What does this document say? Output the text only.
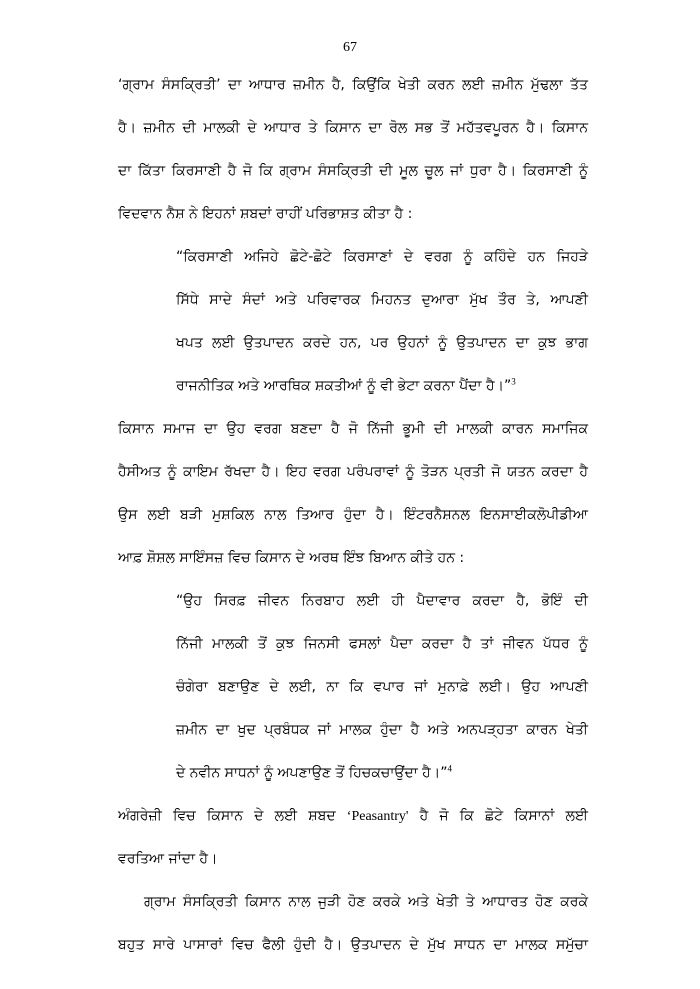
67
‘ਗ੍ਰਾਮ ਸੰਸਕ੍ਰਿਤੀ’ ਦਾ ਆਧਾਰ ਜ਼ਮੀਨ ਹੈ, ਕਿਉਂਕਿ ਖੇਤੀ ਕਰਨ ਲਈ ਜ਼ਮੀਨ ਮੁੱਢਲਾ ਤੱਤ
ਹੈ। ਜ਼ਮੀਨ ਦੀ ਮਾਲਕੀ ਦੇ ਆਧਾਰ ਤੇ ਕਿਸਾਨ ਦਾ ਰੋਲ ਸਭ ਤੋਂ ਮਹੱਤਵਪੂਰਨ ਹੈ। ਕਿਸਾਨ
ਦਾ ਕਿੱਤਾ ਕਿਰਸਾਣੀ ਹੈ ਜੋ ਕਿ ਗ੍ਰਾਮ ਸੰਸਕ੍ਰਿਤੀ ਦੀ ਮੂਲ ਚੂਲ ਜਾਂ ਧੁਰਾ ਹੈ। ਕਿਰਸਾਣੀ ਨੂੰ
ਵਿਦਵਾਨ ਨੈਸ਼ ਨੇ ਇਹਨਾਂ ਸ਼ਬਦਾਂ ਰਾਹੀਂ ਪਰਿਭਾਸ਼ਤ ਕੀਤਾ ਹੈ :
“ਕਿਰਸਾਣੀ ਅਜਿਹੇ ਛੋਟੇ-ਛੋਟੇ ਕਿਰਸਾਣਾਂ ਦੇ ਵਰਗ ਨੂੰ ਕਹਿੰਦੇ ਹਨ ਜਿਹੜੇ
ਸਿੱਧੇ ਸਾਦੇ ਸੰਦਾਂ ਅਤੇ ਪਰਿਵਾਰਕ ਮਿਹਨਤ ਦੁਆਰਾ ਮੁੱਖ ਤੌਰ ਤੇ, ਆਪਣੀ
ਖਪਤ ਲਈ ਉਤਪਾਦਨ ਕਰਦੇ ਹਨ, ਪਰ ਉਹਨਾਂ ਨੂੰ ਉਤਪਾਦਨ ਦਾ ਕੁਝ ਭਾਗ
ਰਾਜਨੀਤਿਕ ਅਤੇ ਆਰਥਿਕ ਸ਼ਕਤੀਆਂ ਨੂੰ ਵੀ ਭੇਟਾ ਕਰਨਾ ਪੈਂਦਾ ਹੈ।”$^3$
ਕਿਸਾਨ ਸਮਾਜ ਦਾ ਉਹ ਵਰਗ ਬਣਦਾ ਹੈ ਜੋ ਨਿੱਜੀ ਭੂਮੀ ਦੀ ਮਾਲਕੀ ਕਾਰਨ ਸਮਾਜਿਕ
ਹੈਸੀਅਤ ਨੂੰ ਕਾਇਮ ਰੱਖਦਾ ਹੈ। ਇਹ ਵਰਗ ਪਰੰਪਰਾਵਾਂ ਨੂੰ ਤੋੜਨ ਪ੍ਰਤੀ ਜੋ ਯਤਨ ਕਰਦਾ ਹੈ
ਉਸ ਲਈ ਬੜੀ ਮੁਸ਼ਕਿਲ ਨਾਲ ਤਿਆਰ ਹੁੰਦਾ ਹੈ। ਇੰਟਰਨੈਸ਼ਨਲ ਇਨਸਾਈਕਲੋਪੀਡੀਆ
ਆਫ਼ ਸ਼ੋਸ਼ਲ ਸਾਇੰਸਜ਼ ਵਿਚ ਕਿਸਾਨ ਦੇ ਅਰਥ ਇੰਝ ਬਿਆਨ ਕੀਤੇ ਹਨ :
“ਉਹ ਸਿਰਫ਼ ਜੀਵਨ ਨਿਰਬਾਹ ਲਈ ਹੀ ਪੈਦਾਵਾਰ ਕਰਦਾ ਹੈ, ਭੋਇੰ ਦੀ
ਨਿੱਜੀ ਮਾਲਕੀ ਤੋਂ ਕੁਝ ਜਿਨਸੀ ਫਸਲਾਂ ਪੈਦਾ ਕਰਦਾ ਹੈ ਤਾਂ ਜੀਵਨ ਪੱਧਰ ਨੂੰ
ਚੰਗੇਰਾ ਬਣਾਉਣ ਦੇ ਲਈ, ਨਾ ਕਿ ਵਪਾਰ ਜਾਂ ਮੁਨਾਫ਼ੇ ਲਈ। ਉਹ ਆਪਣੀ
ਜ਼ਮੀਨ ਦਾ ਖੁਦ ਪ੍ਰਬੰਧਕ ਜਾਂ ਮਾਲਕ ਹੁੰਦਾ ਹੈ ਅਤੇ ਅਨਪੜ੍ਹਤਾ ਕਾਰਨ ਖੇਤੀ
ਦੇ ਨਵੀਨ ਸਾਧਨਾਂ ਨੂੰ ਅਪਣਾਉਣ ਤੋਂ ਹਿਚਕਚਾਉਂਦਾ ਹੈ।”$^4$
ਅੰਗਰੇਜ਼ੀ ਵਿਚ ਕਿਸਾਨ ਦੇ ਲਈ ਸ਼ਬਦ ‘Peasantry' ਹੈ ਜੋ ਕਿ ਛੋਟੇ ਕਿਸਾਨਾਂ ਲਈ
ਵਰਤਿਆ ਜਾਂਦਾ ਹੈ।
ਗ੍ਰਾਮ ਸੰਸਕ੍ਰਿਤੀ ਕਿਸਾਨ ਨਾਲ ਜੁੜੀ ਹੋਣ ਕਰਕੇ ਅਤੇ ਖੇਤੀ ਤੇ ਆਧਾਰਤ ਹੋਣ ਕਰਕੇ
ਬਹੁਤ ਸਾਰੇ ਪਾਸਾਰਾਂ ਵਿਚ ਫੈਲੀ ਹੁੰਦੀ ਹੈ। ਉਤਪਾਦਨ ਦੇ ਮੁੱਖ ਸਾਧਨ ਦਾ ਮਾਲਕ ਸਮੁੱਚਾ
